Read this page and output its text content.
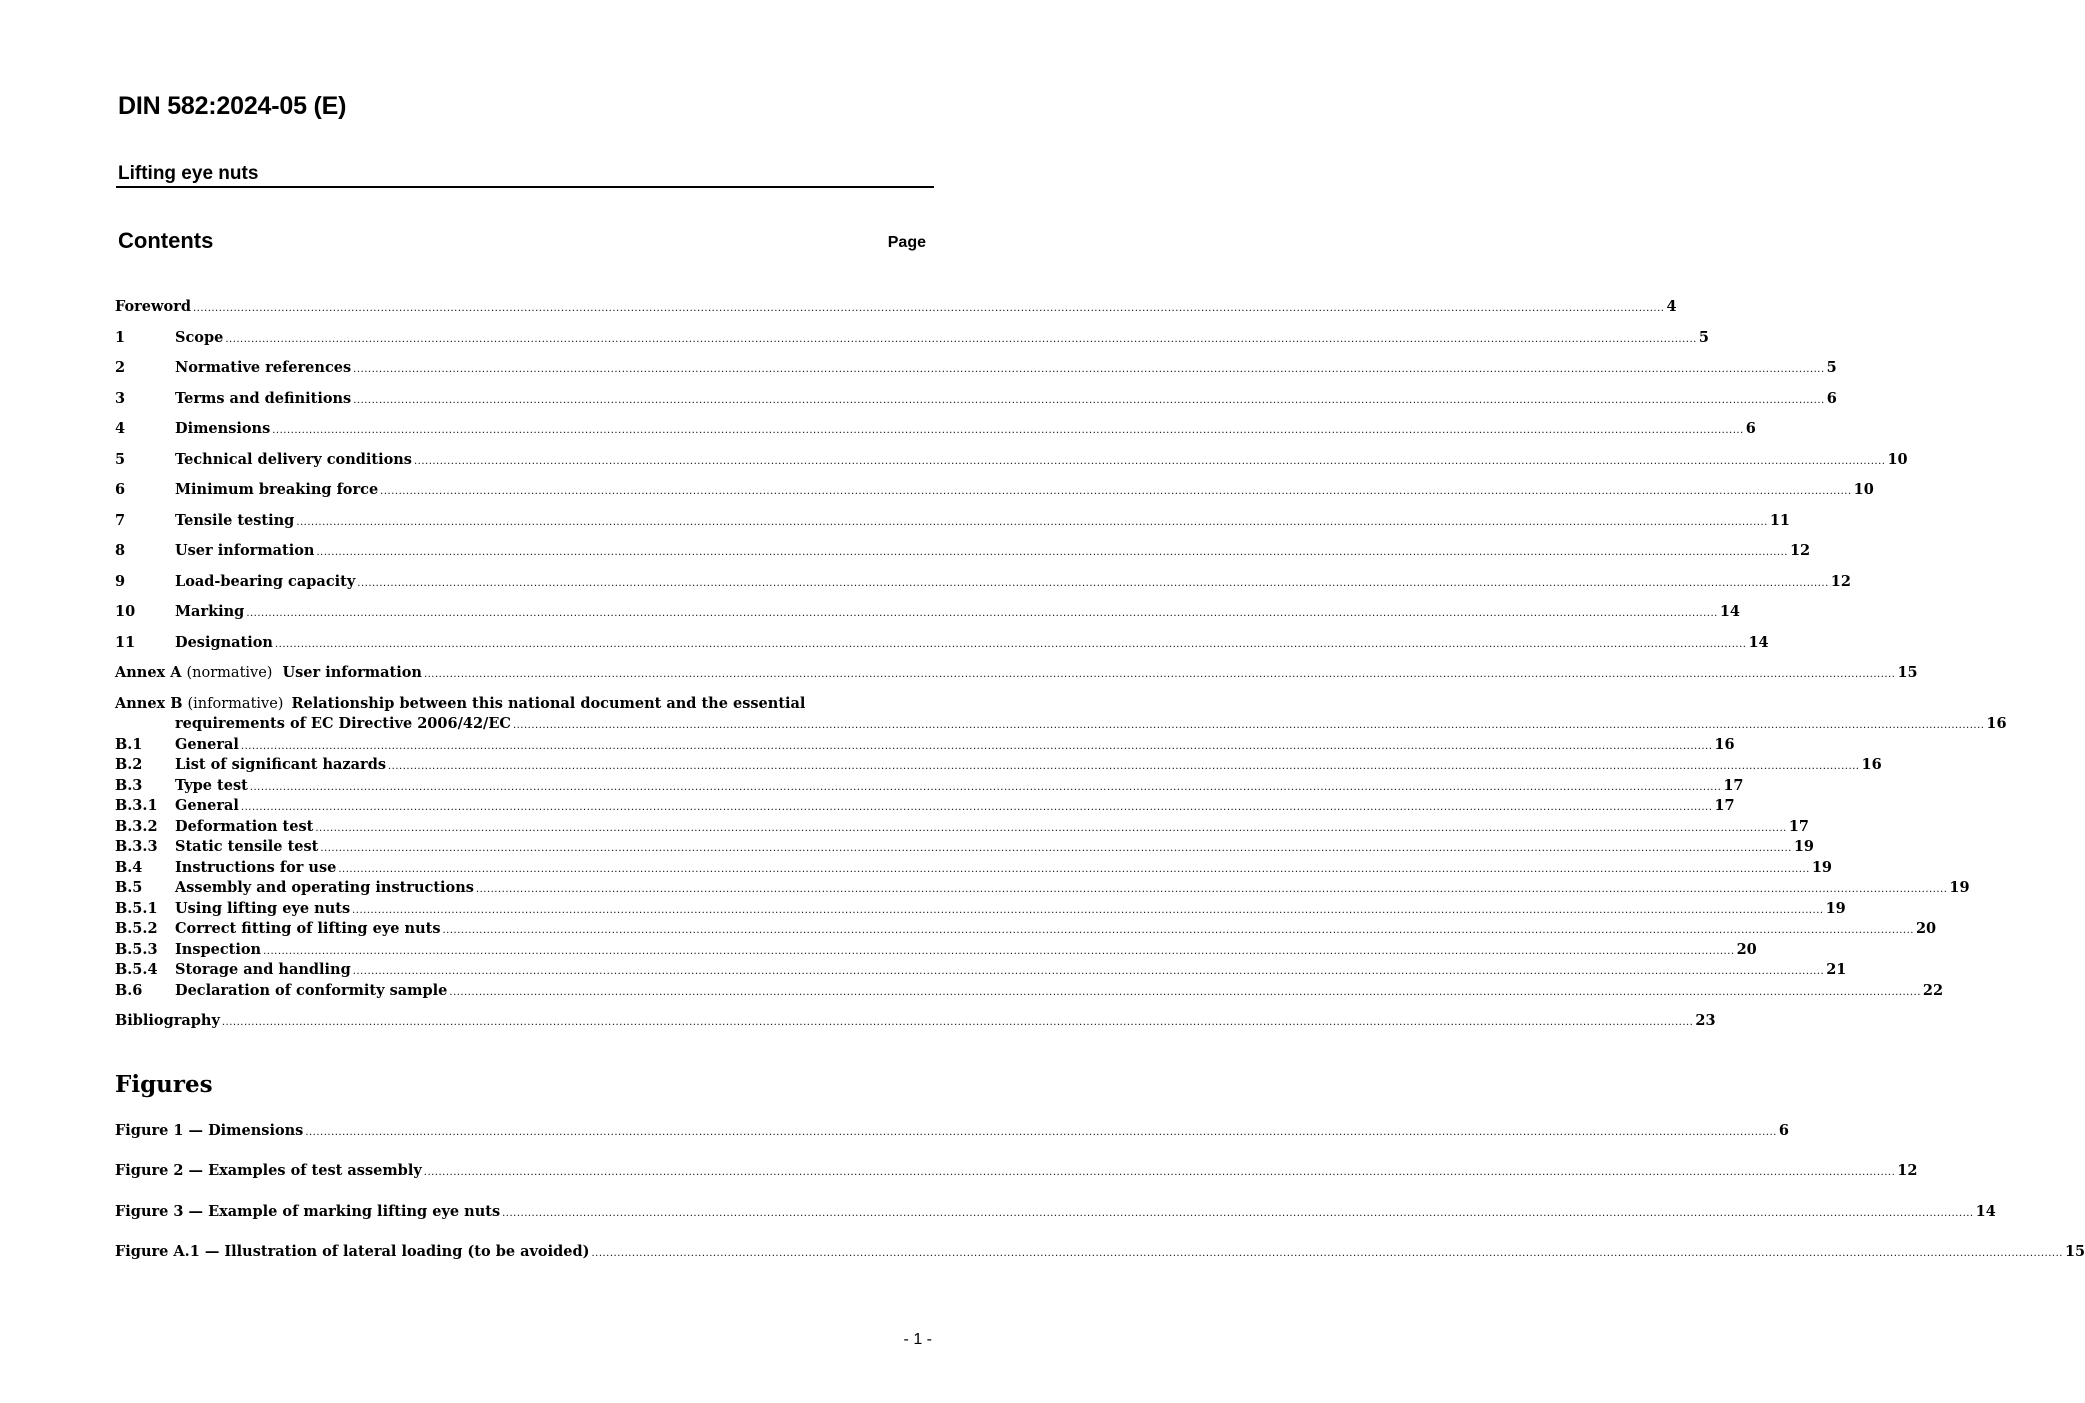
DIN 582:2024-05 (E)
Lifting eye nuts
Contents	Page
Foreword ................................................................................................................................................................................................................................................................................................................................................................................................................ 4
1	Scope ................................................................................................................................................................................................................................................................................................................................................................................................................ 5
2	Normative references ................................................................................................................................................................................................................................................................................................................................................................................................................ 5
3	Terms and definitions ................................................................................................................................................................................................................................................................................................................................................................................................................ 6
4	Dimensions ................................................................................................................................................................................................................................................................................................................................................................................................................ 6
5	Technical delivery conditions ................................................................................................................................................................................................................................................................................................................................................................................................................ 10
6	Minimum breaking force ................................................................................................................................................................................................................................................................................................................................................................................................................ 10
7	Tensile testing ................................................................................................................................................................................................................................................................................................................................................................................................................ 11
8	User information ................................................................................................................................................................................................................................................................................................................................................................................................................ 12
9	Load-bearing capacity ................................................................................................................................................................................................................................................................................................................................................................................................................ 12
10	Marking ................................................................................................................................................................................................................................................................................................................................................................................................................ 14
11	Designation ................................................................................................................................................................................................................................................................................................................................................................................................................ 14
Annex A (normative) User information ................................................................................................................................................................................................................................................................................................................................................................................................................ 15
Annex B (informative) Relationship between this national document and the essential
requirements of EC Directive 2006/42/EC ................................................................................................................................................................................................................................................................................................................................................................................................................ 16
B.1	General ................................................................................................................................................................................................................................................................................................................................................................................................................ 16
B.2	List of significant hazards ................................................................................................................................................................................................................................................................................................................................................................................................................ 16
B.3	Type test ................................................................................................................................................................................................................................................................................................................................................................................................................ 17
B.3.1	General ................................................................................................................................................................................................................................................................................................................................................................................................................ 17
B.3.2	Deformation test ................................................................................................................................................................................................................................................................................................................................................................................................................ 17
B.3.3	Static tensile test ................................................................................................................................................................................................................................................................................................................................................................................................................ 19
B.4	Instructions for use ................................................................................................................................................................................................................................................................................................................................................................................................................ 19
B.5	Assembly and operating instructions ................................................................................................................................................................................................................................................................................................................................................................................................................ 19
B.5.1	Using lifting eye nuts ................................................................................................................................................................................................................................................................................................................................................................................................................ 19
B.5.2	Correct fitting of lifting eye nuts ................................................................................................................................................................................................................................................................................................................................................................................................................ 20
B.5.3	Inspection ................................................................................................................................................................................................................................................................................................................................................................................................................ 20
B.5.4	Storage and handling ................................................................................................................................................................................................................................................................................................................................................................................................................ 21
B.6	Declaration of conformity sample ................................................................................................................................................................................................................................................................................................................................................................................................................ 22
Bibliography ................................................................................................................................................................................................................................................................................................................................................................................................................ 23
Figure 1 — Dimensions ................................................................................................................................................................................................................................................................................................................................................................................................................ 6
Figure 2 — Examples of test assembly ................................................................................................................................................................................................................................................................................................................................................................................................................ 12
Figure 3 — Example of marking lifting eye nuts ................................................................................................................................................................................................................................................................................................................................................................................................................ 14
Figure A.1 — Illustration of lateral loading (to be avoided) ................................................................................................................................................................................................................................................................................................................................................................................................................ 15
Figures
- 1 -
